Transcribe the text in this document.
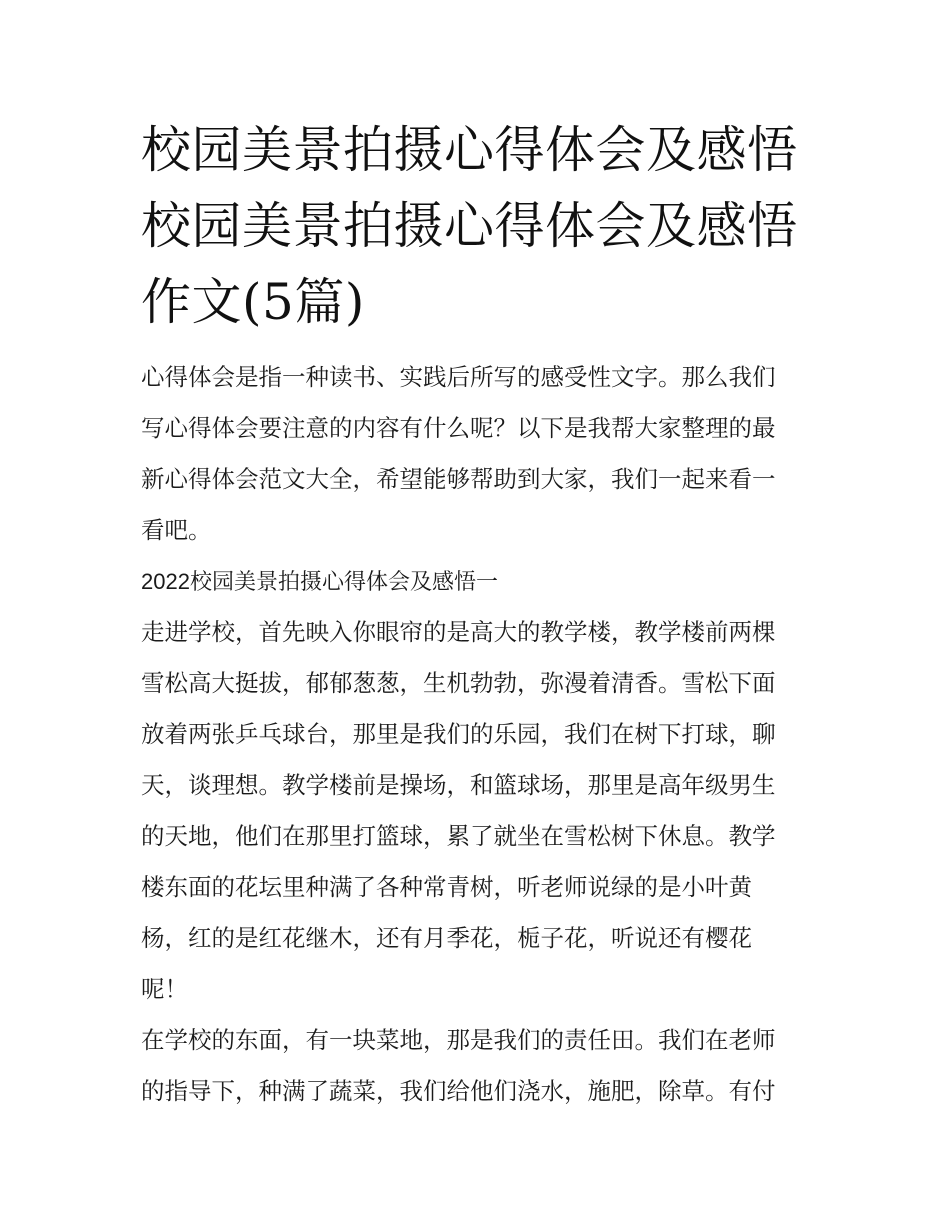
校园美景拍摄心得体会及感悟
校园美景拍摄心得体会及感悟
作文(5篇)

心得体会是指一种读书、实践后所写的感受性文字。那么我们
写心得体会要注意的内容有什么呢？以下是我帮大家整理的最
新心得体会范文大全，希望能够帮助到大家，我们一起来看一
看吧。

2022校园美景拍摄心得体会及感悟一

走进学校，首先映入你眼帘的是高大的教学楼，教学楼前两棵
雪松高大挺拔，郁郁葱葱，生机勃勃，弥漫着清香。雪松下面
放着两张乒乓球台，那里是我们的乐园，我们在树下打球，聊
天，谈理想。教学楼前是操场，和篮球场，那里是高年级男生
的天地，他们在那里打篮球，累了就坐在雪松树下休息。教学
楼东面的花坛里种满了各种常青树，听老师说绿的是小叶黄
杨，红的是红花继木，还有月季花，栀子花，听说还有樱花
呢！

在学校的东面，有一块菜地，那是我们的责任田。我们在老师
的指导下，种满了蔬菜，我们给他们浇水，施肥，除草。有付
